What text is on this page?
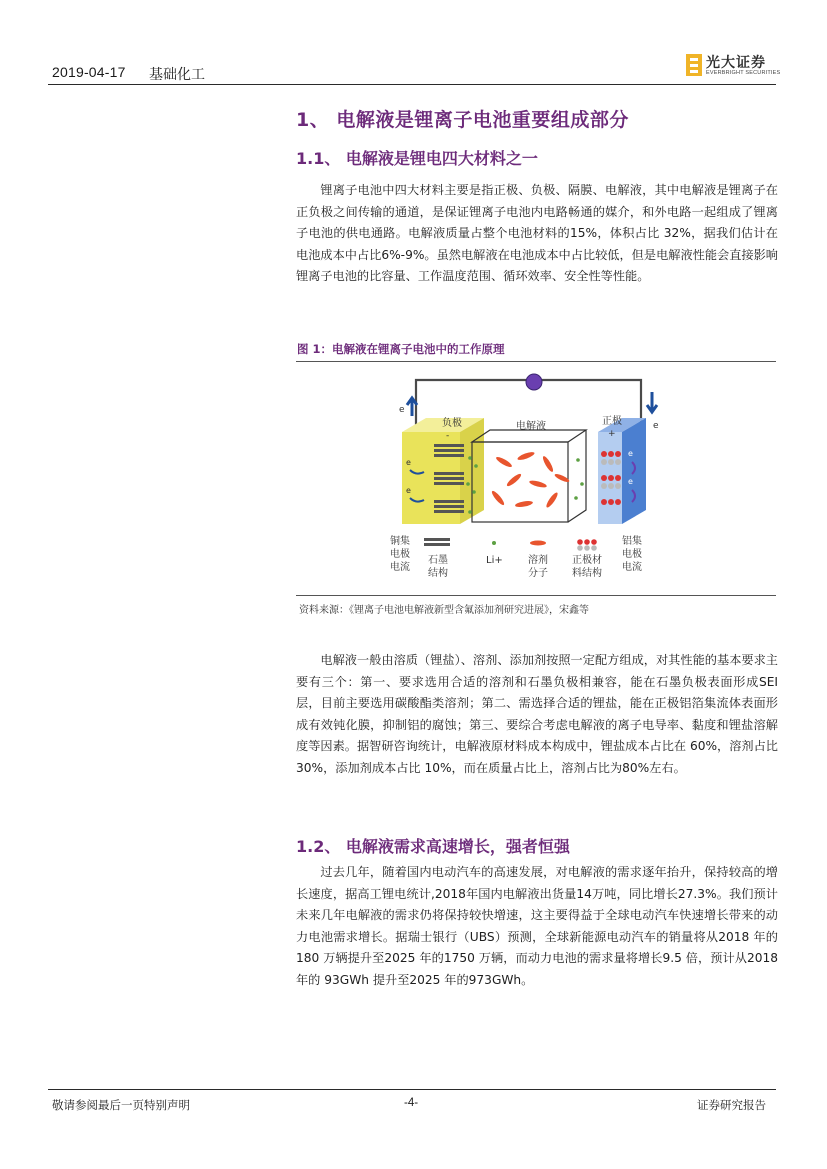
2019-04-17 基础化工
光大证券
EVERBRIGHT SECURITIES
1、 电解液是锂离子电池重要组成部分
1.1、 电解液是锂电四大材料之一

锂离子电池中四大材料主要是指正极、负极、隔膜、电解液，其中电解液是锂离子在正负极之间传输的通道，是保证锂离子电池内电路畅通的媒介，和外电路一起组成了锂离子电池的供电通路。电解液质量占整个电池材料的15%，体积占比 32%，据我们估计在电池成本中占比6%-9%。虽然电解液在电池成本中占比较低，但是电解液性能会直接影响锂离子电池的比容量、工作温度范围、循环效率、安全性等性能。

图 1：电解液在锂离子电池中的工作原理
e
e
负极
-
e
e
电解液	正极
+
e
e
铜集
电极
电流
石墨
结构
Li+	溶剂
分子
正极材
料结构
铝集
电极
电流
资料来源：《锂离子电池电解液新型含氟添加剂研究进展》，宋鑫等

电解液一般由溶质（锂盐）、溶剂、添加剂按照一定配方组成，对其性能的基本要求主要有三个：第一、要求选用合适的溶剂和石墨负极相兼容，能在石墨负极表面形成SEI层，目前主要选用碳酸酯类溶剂；第二、需选择合适的锂盐，能在正极铝箔集流体表面形成有效钝化膜，抑制铝的腐蚀；第三、要综合考虑电解液的离子电导率、黏度和锂盐溶解度等因素。据智研咨询统计，电解液原材料成本构成中，锂盐成本占比在 60%，溶剂占比30%，添加剂成本占比 10%，而在质量占比上，溶剂占比为80%左右。

1.2、 电解液需求高速增长，强者恒强

过去几年，随着国内电动汽车的高速发展，对电解液的需求逐年抬升，保持较高的增长速度，据高工锂电统计,2018年国内电解液出货量14万吨，同比增长27.3%。我们预计未来几年电解液的需求仍将保持较快增速，这主要得益于全球电动汽车快速增长带来的动力电池需求增长。据瑞士银行（UBS）预测，全球新能源电动汽车的销量将从2018 年的180 万辆提升至2025 年的1750 万辆，而动力电池的需求量将增长9.5 倍，预计从2018 年的 93GWh 提升至2025 年的973GWh。

敬请参阅最后一页特别声明	-4-	证券研究报告
